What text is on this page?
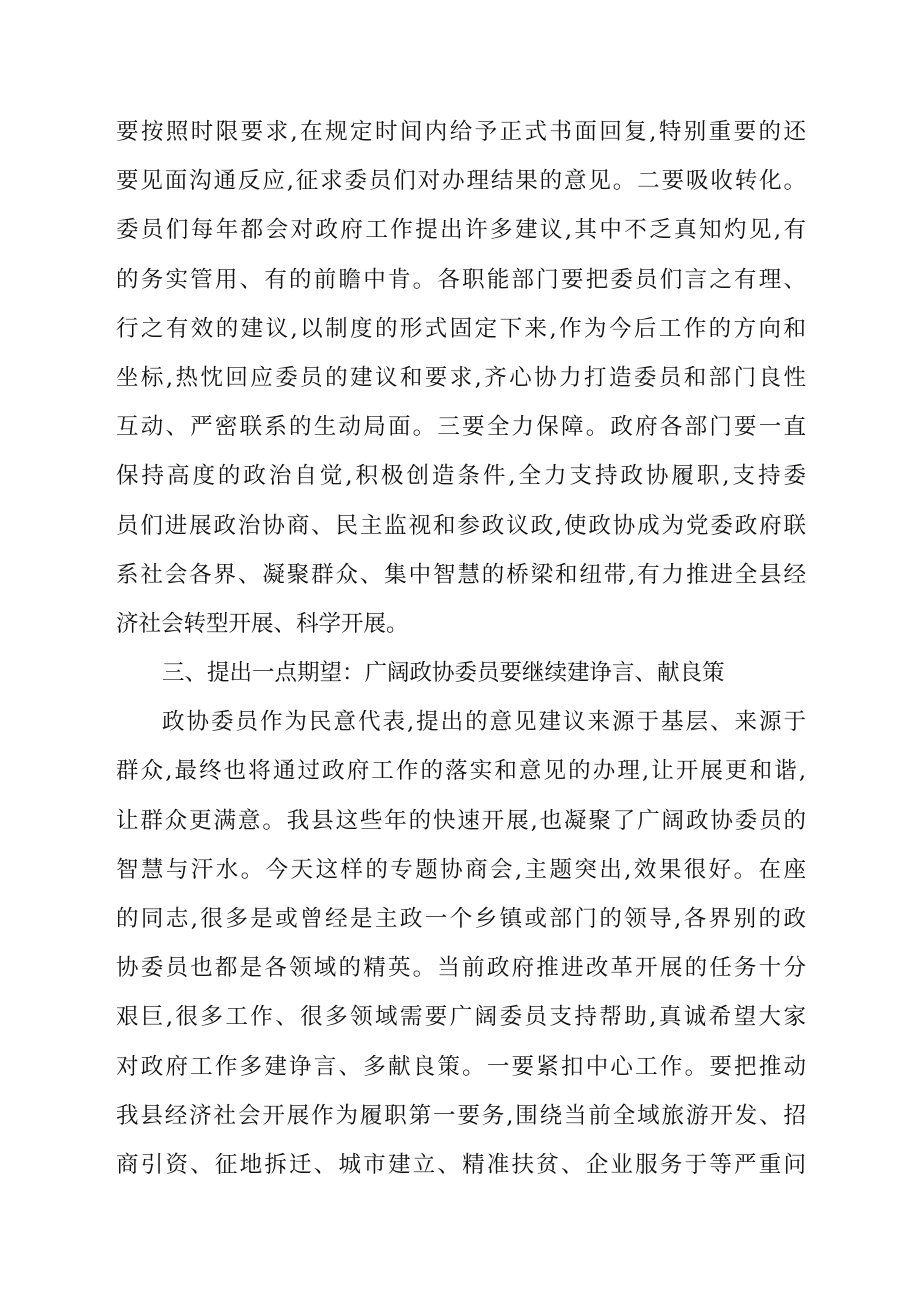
要按照时限要求,在规定时间内给予正式书面回复,特别重要的还
要见面沟通反应,征求委员们对办理结果的意见。二要吸收转化。
委员们每年都会对政府工作提出许多建议,其中不乏真知灼见,有
的务实管用、有的前瞻中肯。各职能部门要把委员们言之有理、
行之有效的建议,以制度的形式固定下来,作为今后工作的方向和
坐标,热忱回应委员的建议和要求,齐心协力打造委员和部门良性
互动、严密联系的生动局面。三要全力保障。政府各部门要一直
保持高度的政治自觉,积极创造条件,全力支持政协履职,支持委
员们进展政治协商、民主监视和参政议政,使政协成为党委政府联
系社会各界、凝聚群众、集中智慧的桥梁和纽带,有力推进全县经
济社会转型开展、科学开展。
三、提出一点期望：广阔政协委员要继续建诤言、献良策
政协委员作为民意代表,提出的意见建议来源于基层、来源于
群众,最终也将通过政府工作的落实和意见的办理,让开展更和谐,
让群众更满意。我县这些年的快速开展,也凝聚了广阔政协委员的
智慧与汗水。今天这样的专题协商会,主题突出,效果很好。在座
的同志,很多是或曾经是主政一个乡镇或部门的领导,各界别的政
协委员也都是各领域的精英。当前政府推进改革开展的任务十分
艰巨,很多工作、很多领域需要广阔委员支持帮助,真诚希望大家
对政府工作多建诤言、多献良策。一要紧扣中心工作。要把推动
我县经济社会开展作为履职第一要务,围绕当前全域旅游开发、招
商引资、征地拆迁、城市建立、精准扶贫、企业服务于等严重问
